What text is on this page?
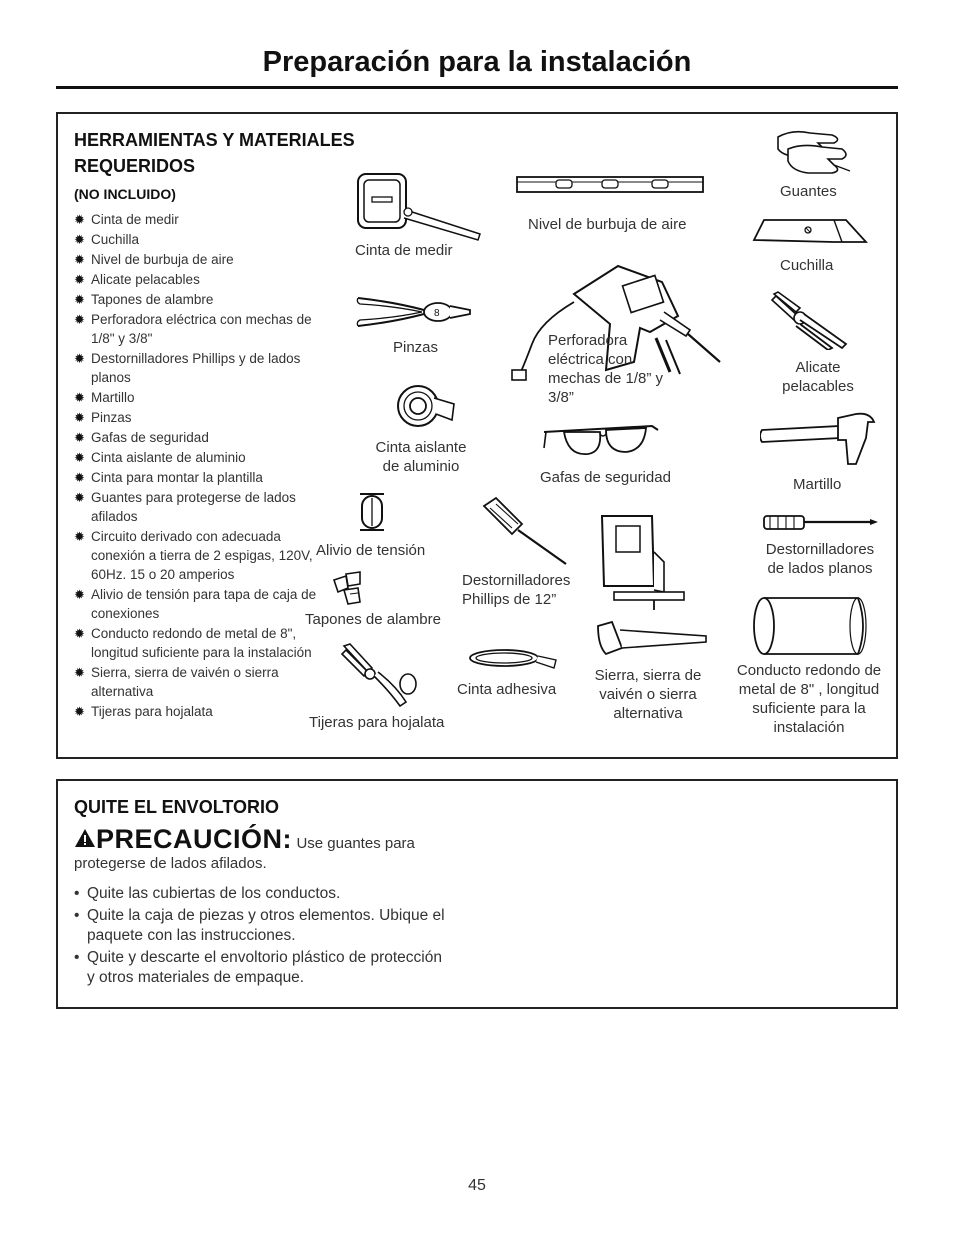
Preparación para la instalación
HERRAMIENTAS Y MATERIALES
REQUERIDOS
(NO INCLUIDO)
✹ Cinta de medir
✹ Cuchilla
✹ Nivel de burbuja de aire
✹ Alicate pelacables
✹ Tapones de alambre
✹ Perforadora eléctrica con mechas de 1/8" y 3/8"
✹ Destornilladores Phillips y de lados planos
✹ Martillo
✹ Pinzas
✹ Gafas de seguridad
✹ Cinta aislante de aluminio
✹ Cinta para montar la plantilla
✹ Guantes para protegerse de lados afilados
✹ Circuito derivado con adecuada conexión a tierra de 2 espigas, 120V, 60Hz. 15 o 20 amperios
✹ Alivio de tensión para tapa de caja de conexiones
✹ Conducto redondo de metal de 8", longitud suficiente para la instalación
✹ Sierra, sierra de vaivén o sierra alternativa
✹ Tijeras para hojalata
Cinta de medir
Nivel de burbuja de aire
Guantes
Cuchilla
8
Pinzas	Perforadora eléctrica con mechas de 1/8” y 3/8”
Alicate pelacables
Cinta aislante de aluminio
Gafas de seguridad	Martillo
Alivio de tensión
Destornilladores Phillips de 12”
Sierra, sierra de vaivén o sierra alternativa
Destornilladores de lados planos
Tapones de alambre
Cinta adhesiva
Conducto redondo de metal de 8" , longitud suficiente para la instalación
Tijeras para hojalata
QUITE EL ENVOLTORIO
PRECAUCIÓN: Use guantes para
protegerse de lados afilados.
• Quite las cubiertas de los conductos.
• Quite la caja de piezas y otros elementos. Ubique el paquete con las instrucciones.
• Quite y descarte el envoltorio plástico de protección y otros materiales de empaque.
45
